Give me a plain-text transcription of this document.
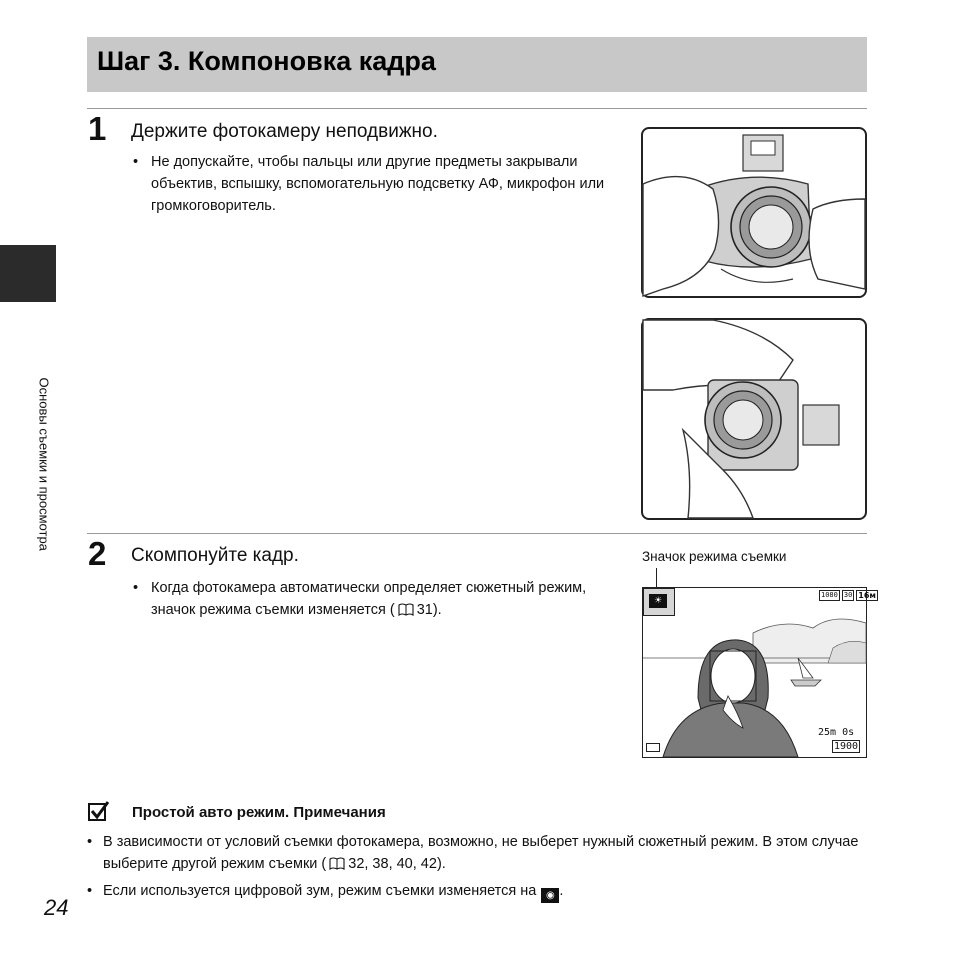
Шаг 3. Компоновка кадра
Основы съемки и просмотра
1 Держите фотокамеру неподвижно.
• Не допускайте, чтобы пальцы или другие предметы закрывали объектив, вспышку, вспомогательную подсветку АФ, микрофон или громкоговоритель.
2 Скомпонуйте кадр.
• Когда фотокамера автоматически определяет сюжетный режим, значок режима съемки изменяется ( 31).
Значок режима съемки
☀
1080 30 16м
25m 0s
1900
Простой авто режим. Примечания
• В зависимости от условий съемки фотокамера, возможно, не выберет нужный сюжетный режим. В этом случае выберите другой режим съемки ( 32, 38, 40, 42).
• Если используется цифровой зум, режим съемки изменяется на ◉ .
24
